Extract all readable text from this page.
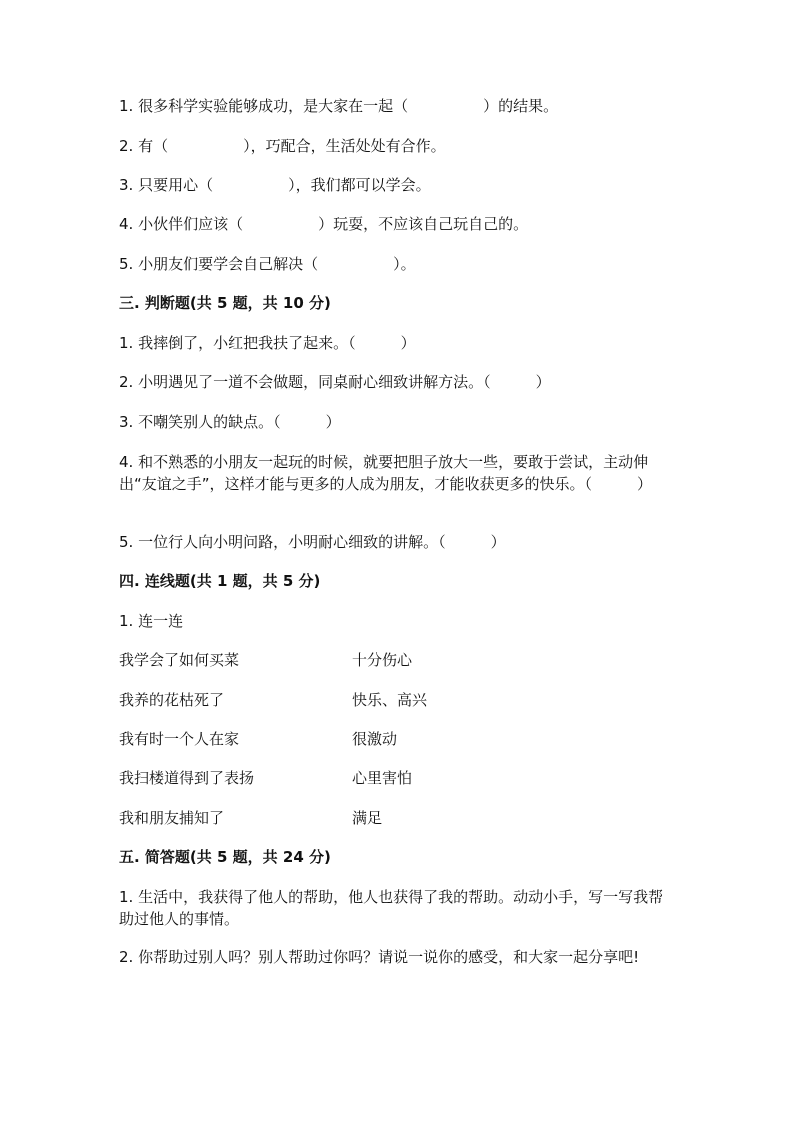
1. 很多科学实验能够成功，是大家在一起（　　　　　）的结果。
2. 有（　　　　　），巧配合，生活处处有合作。
3. 只要用心（　　　　　），我们都可以学会。
4. 小伙伴们应该（　　　　　）玩耍，不应该自己玩自己的。
5. 小朋友们要学会自己解决（　　　　　）。
三. 判断题(共 5 题，共 10 分)
1. 我摔倒了，小红把我扶了起来。（　　　）
2. 小明遇见了一道不会做题，同桌耐心细致讲解方法。（　　　）
3. 不嘲笑别人的缺点。（　　　）
4. 和不熟悉的小朋友一起玩的时候，就要把胆子放大一些，要敢于尝试，主动伸出“友谊之手”，这样才能与更多的人成为朋友，才能收获更多的快乐。（　　　）
5. 一位行人向小明问路，小明耐心细致的讲解。（　　　）
四. 连线题(共 1 题，共 5 分)
1. 连一连
我学会了如何买菜	十分伤心
我养的花枯死了	快乐、高兴
我有时一个人在家	很激动
我扫楼道得到了表扬	心里害怕
我和朋友捕知了	满足
五. 简答题(共 5 题，共 24 分)
1. 生活中，我获得了他人的帮助，他人也获得了我的帮助。动动小手，写一写我帮助过他人的事情。
2. 你帮助过别人吗？别人帮助过你吗？请说一说你的感受，和大家一起分享吧!
